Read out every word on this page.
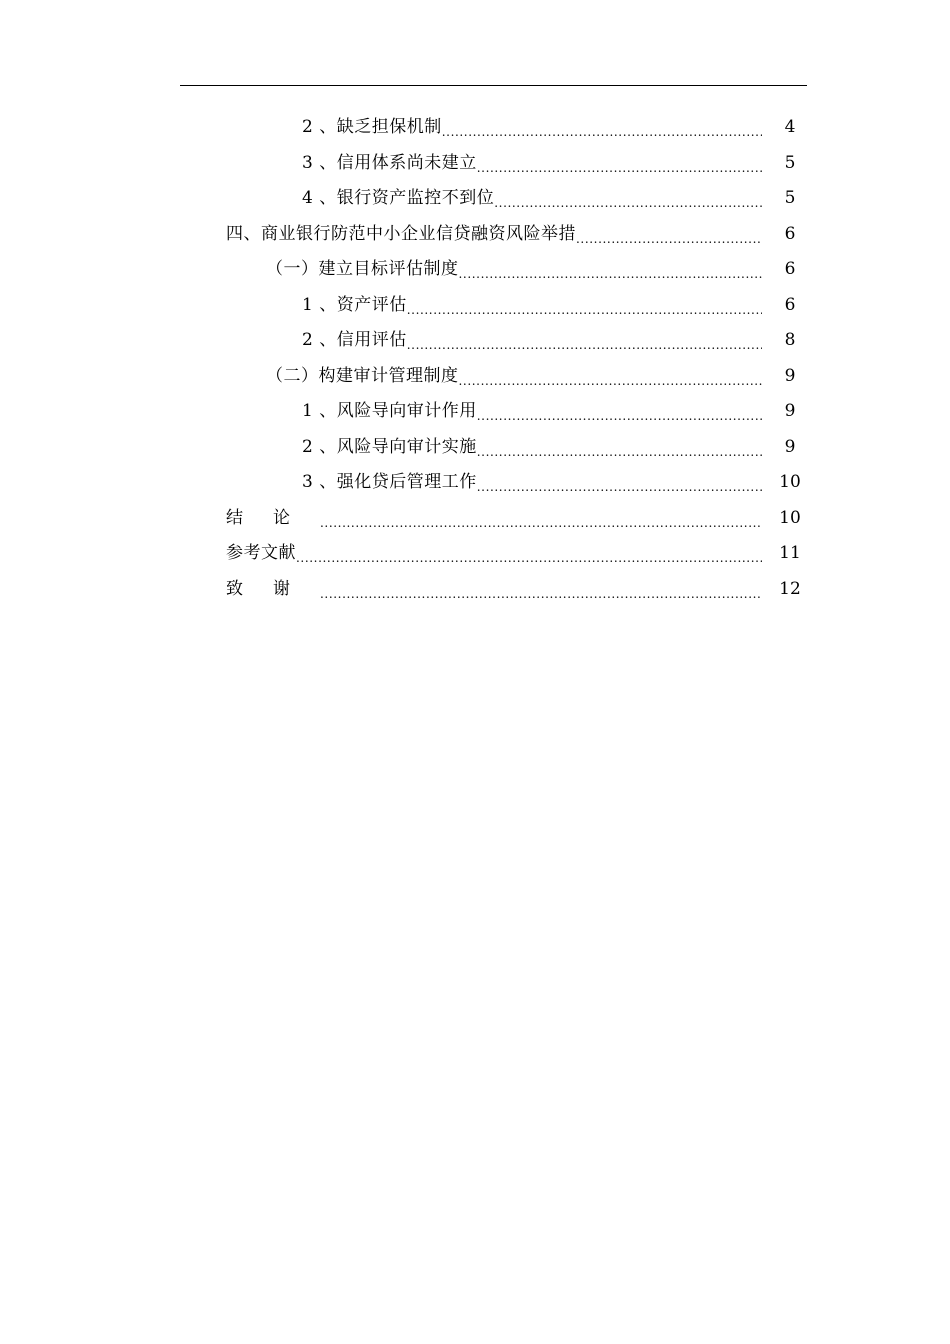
2 、缺乏担保机制 .....	4
3 、信用体系尚未建立 .....	5
4 、银行资产监控不到位 .....	5
四、商业银行防范中小企业信贷融资风险举措 .....	6
（一）建立目标评估制度 .....	6
1 、资产评估 .....	6
2 、信用评估 .....	8
（二）构建审计管理制度 .....	9
1 、风险导向审计作用 .....	9
2 、风险导向审计实施 .....	9
3 、强化贷后管理工作 .....	10
结论 .....	10
参考文献 .....	11
致谢 .....	12
